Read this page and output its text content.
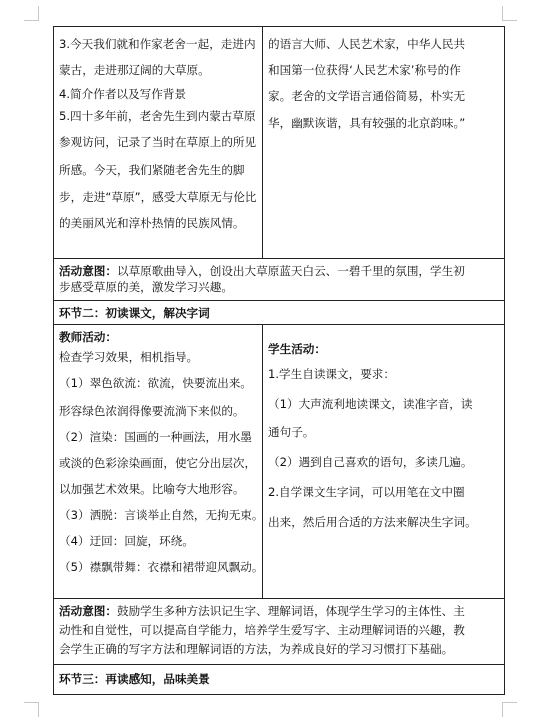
3.今天我们就和作家老舍一起，走进内
蒙古，走进那辽阔的大草原。
4.简介作者以及写作背景
5.四十多年前，老舍先生到内蒙古草原
参观访问，记录了当时在草原上的所见
所感。今天，我们紧随老舍先生的脚
步，走进“草原”，感受大草原无与伦比
的美丽风光和淳朴热情的民族风情。
的语言大师、人民艺术家，中华人民共
和国第一位获得‘人民艺术家’称号的作
家。老舍的文学语言通俗简易，朴实无
华，幽默诙谐，具有较强的北京韵味。”
活动意图：以草原歌曲导入，创设出大草原蓝天白云、一碧千里的氛围，学生初
步感受草原的美，激发学习兴趣。
环节二：初读课文，解决字词
教师活动：
检查学习效果，相机指导。
（1）翠色欲流：欲流，快要流出来。
形容绿色浓润得像要流淌下来似的。
（2）渲染：国画的一种画法，用水墨
或淡的色彩涂染画面，使它分出层次，
以加强艺术效果。比喻夸大地形容。
（3）洒脱：言谈举止自然，无拘无束。
（4）迂回：回旋，环绕。
（5）襟飘带舞：衣襟和裙带迎风飘动。
学生活动：
1.学生自读课文，要求：
（1）大声流利地读课文，读准字音，读
通句子。
（2）遇到自己喜欢的语句，多读几遍。
2.自学课文生字词，可以用笔在文中圈
出来，然后用合适的方法来解决生字词。
活动意图：鼓励学生多种方法识记生字、理解词语，体现学生学习的主体性、主
动性和自觉性，可以提高自学能力，培养学生爱写字、主动理解词语的兴趣，教
会学生正确的写字方法和理解词语的方法，为养成良好的学习习惯打下基础。
环节三：再读感知，品味美景
